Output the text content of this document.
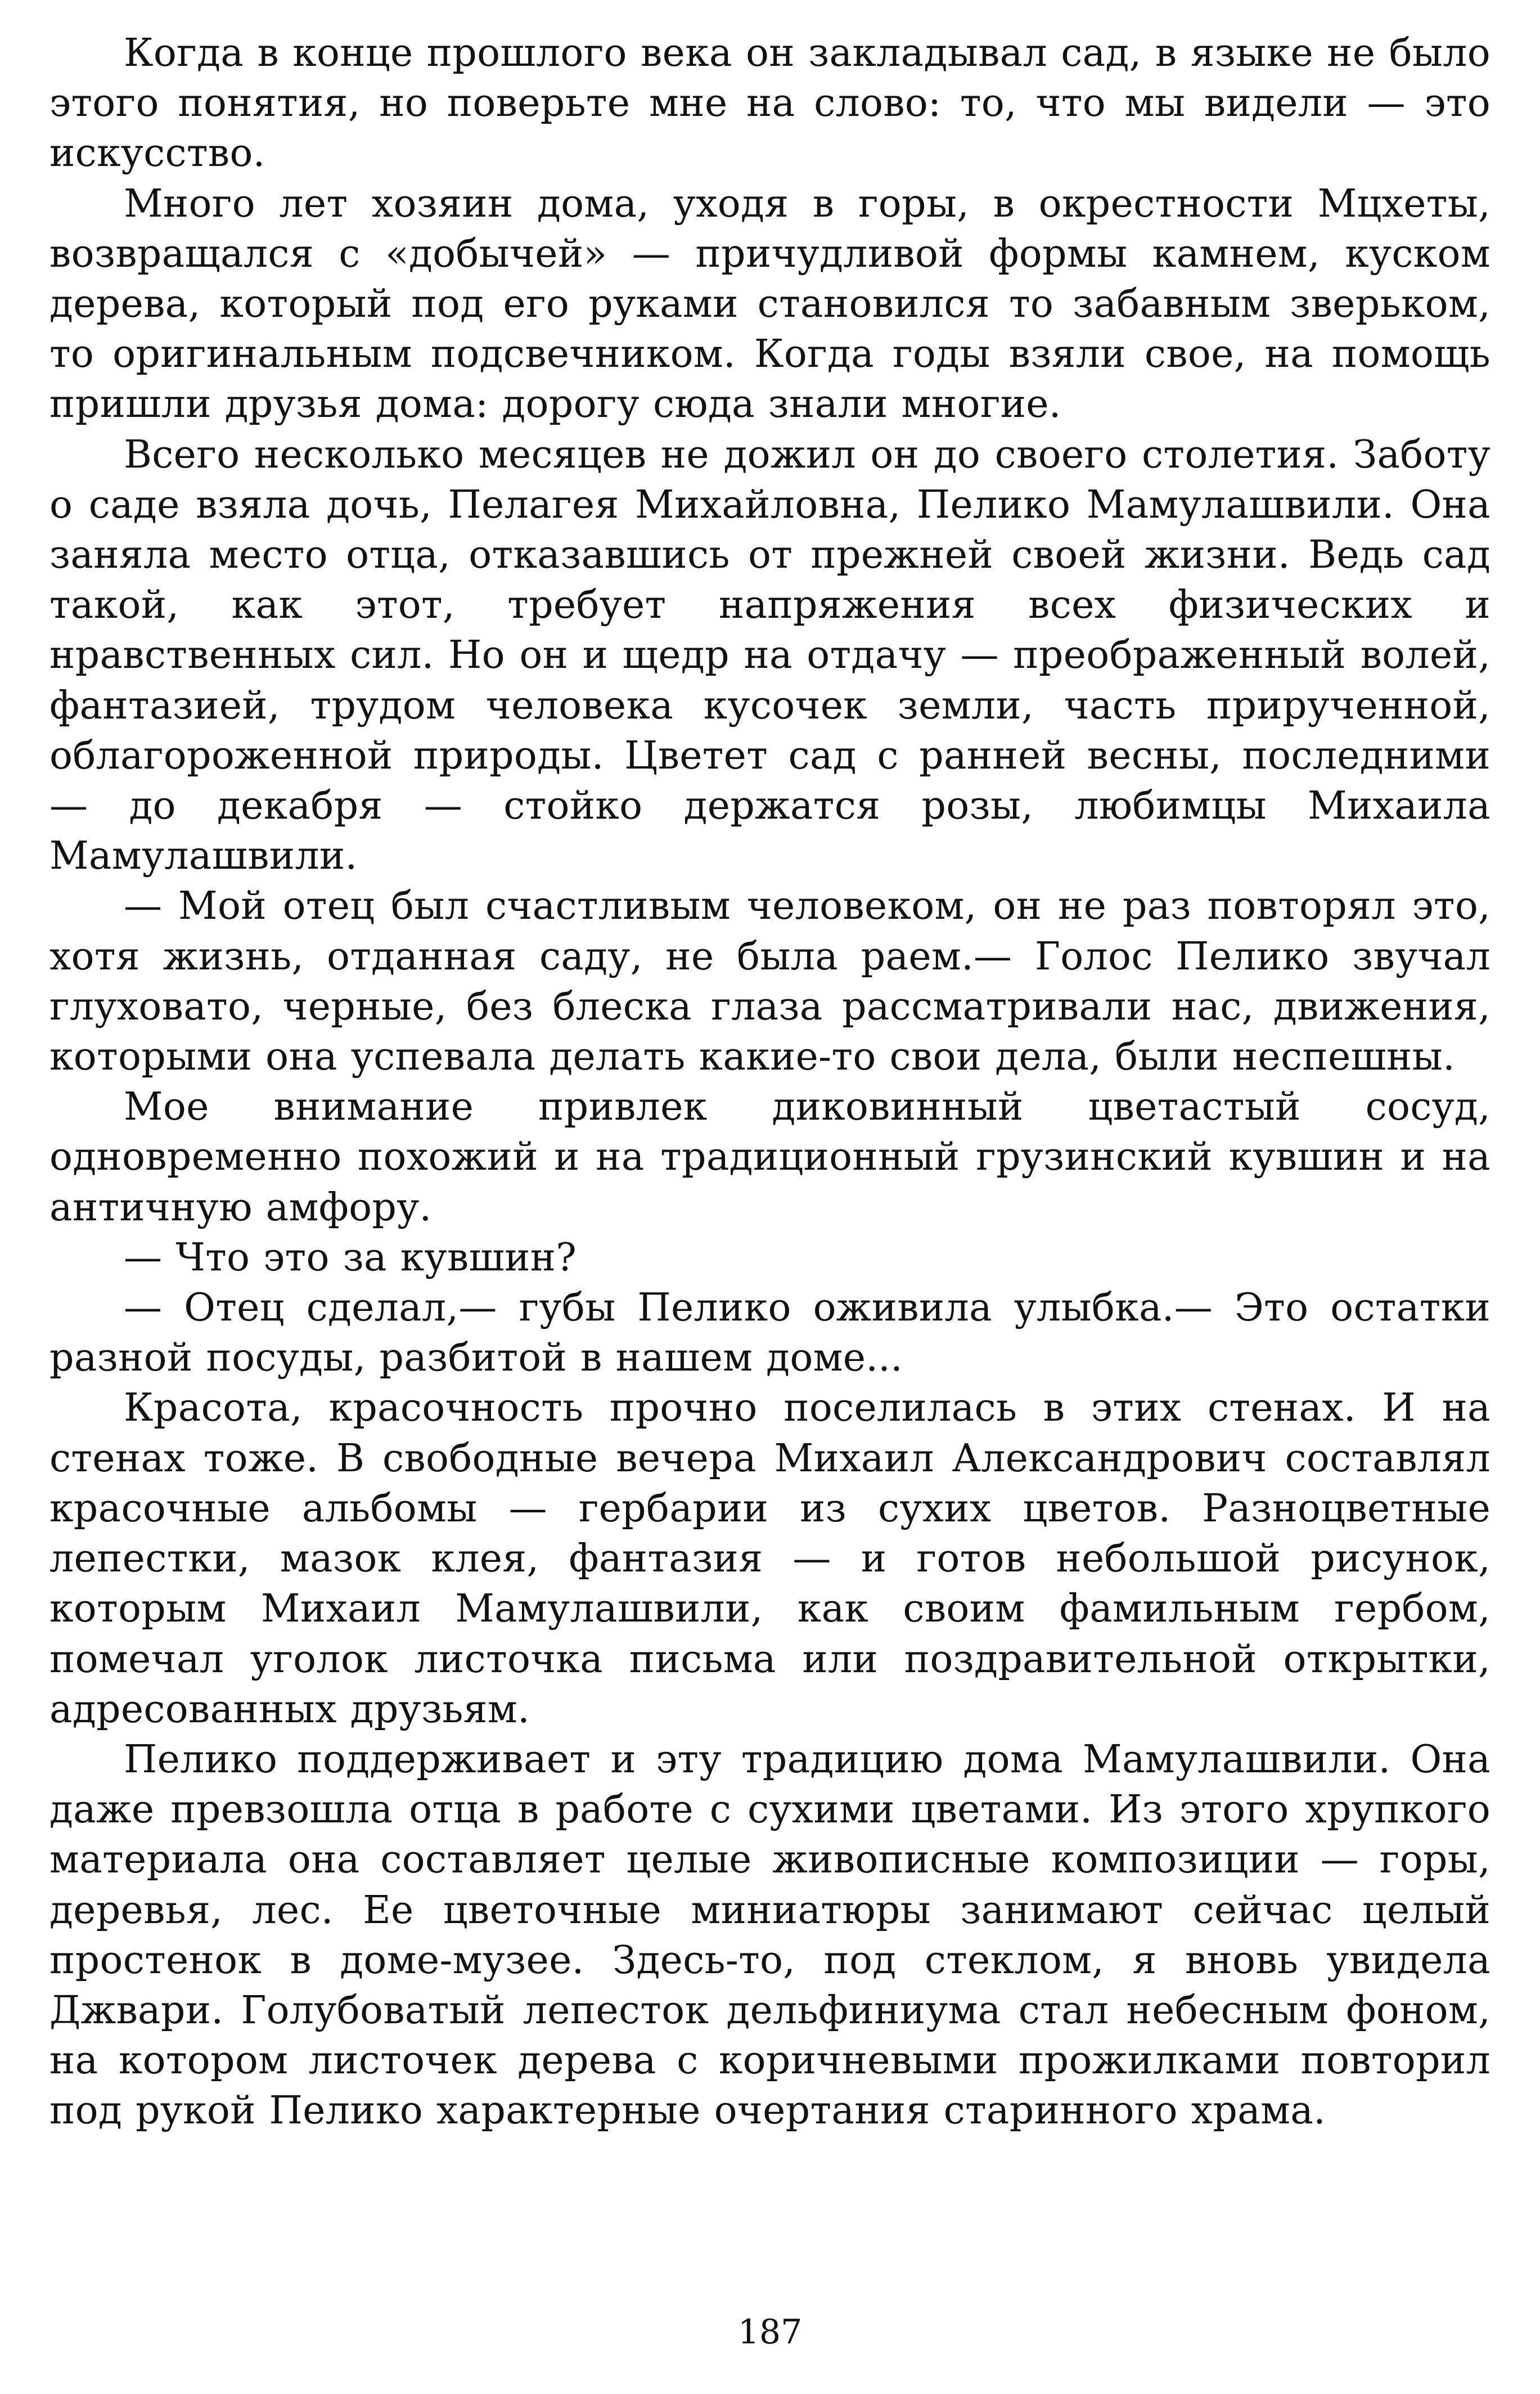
Когда в конце прошлого века он закладывал сад, в языке не было этого понятия, но поверьте мне на слово: то, что мы видели — это искусство.

Много лет хозяин дома, уходя в горы, в окрестности Мцхеты, возвращался с «добычей» — причудливой формы камнем, куском дерева, который под его руками становился то забавным зверьком, то оригинальным подсвечником. Когда годы взяли свое, на помощь пришли друзья дома: дорогу сюда знали многие.

Всего несколько месяцев не дожил он до своего столетия. Заботу о саде взяла дочь, Пелагея Михайловна, Пелико Мамулашвили. Она заняла место отца, отказавшись от прежней своей жизни. Ведь сад такой, как этот, требует напряжения всех физических и нравственных сил. Но он и щедр на отдачу — преображенный волей, фантазией, трудом человека кусочек земли, часть прирученной, облагороженной природы. Цветет сад с ранней весны, последними — до декабря — стойко держатся розы, любимцы Михаила Мамулашвили.

— Мой отец был счастливым человеком, он не раз повторял это, хотя жизнь, отданная саду, не была раем.— Голос Пелико звучал глуховато, черные, без блеска глаза рассматривали нас, движения, которыми она успевала делать какие-то свои дела, были неспешны.

Мое внимание привлек диковинный цветастый сосуд, одновременно похожий и на традиционный грузинский кувшин и на античную амфору.

— Что это за кувшин?

— Отец сделал,— губы Пелико оживила улыбка.— Это остатки разной посуды, разбитой в нашем доме...

Красота, красочность прочно поселилась в этих стенах. И на стенах тоже. В свободные вечера Михаил Александрович составлял красочные альбомы — гербарии из сухих цветов. Разноцветные лепестки, мазок клея, фантазия — и готов небольшой рисунок, которым Михаил Мамулашвили, как своим фамильным гербом, помечал уголок листочка письма или поздравительной открытки, адресованных друзьям.

Пелико поддерживает и эту традицию дома Мамулашвили. Она даже превзошла отца в работе с сухими цветами. Из этого хрупкого материала она составляет целые живописные композиции — горы, деревья, лес. Ее цветочные миниатюры занимают сейчас целый простенок в доме-музее. Здесь-то, под стеклом, я вновь увидела Джвари. Голубоватый лепесток дельфиниума стал небесным фоном, на котором листочек дерева с коричневыми прожилками повторил под рукой Пелико характерные очертания старинного храма.

187
